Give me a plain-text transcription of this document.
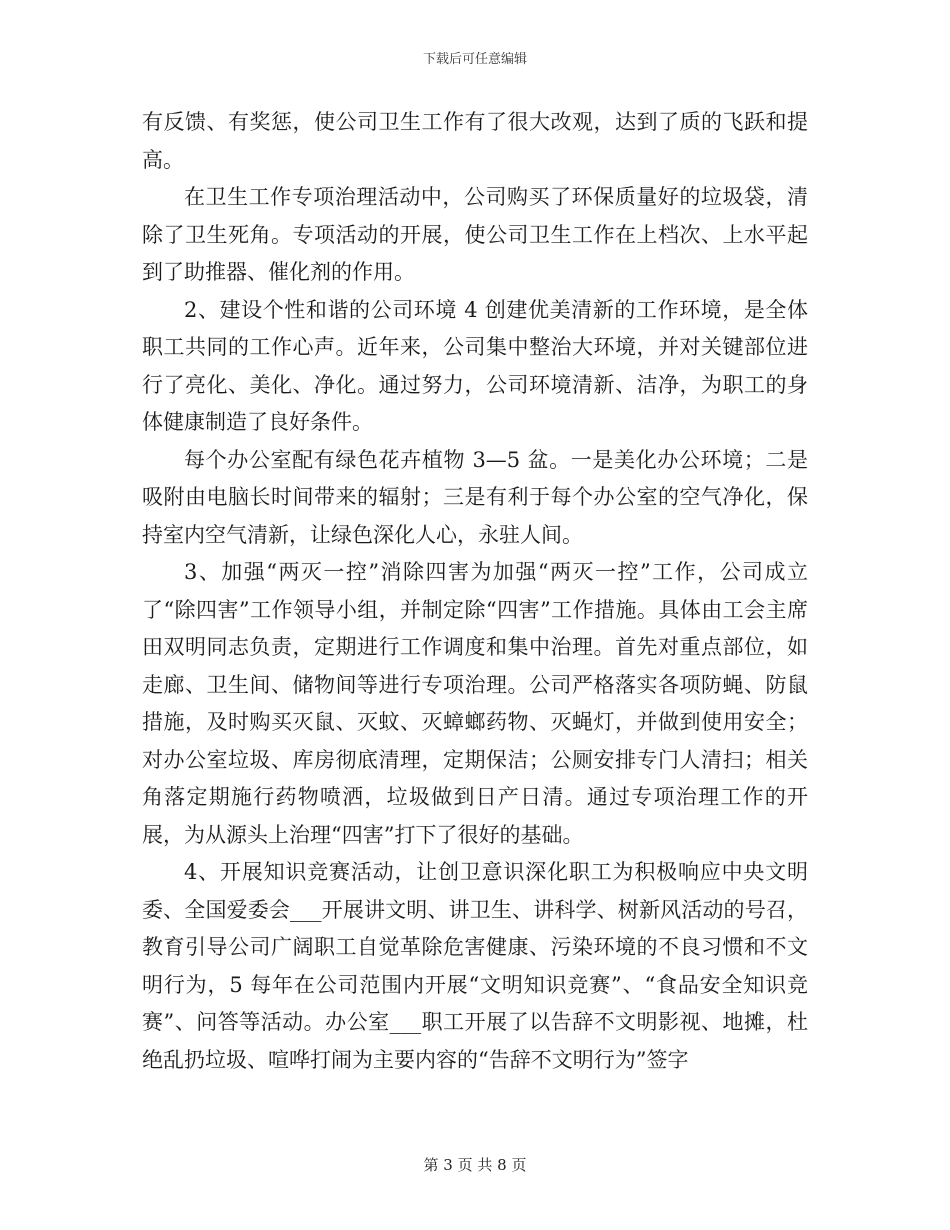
下载后可任意编辑

有反馈、有奖惩，使公司卫生工作有了很大改观，达到了质的飞跃和提高。

在卫生工作专项治理活动中，公司购买了环保质量好的垃圾袋，清除了卫生死角。专项活动的开展，使公司卫生工作在上档次、上水平起到了助推器、催化剂的作用。

2、建设个性和谐的公司环境 4 创建优美清新的工作环境，是全体职工共同的工作心声。近年来，公司集中整治大环境，并对关键部位进行了亮化、美化、净化。通过努力，公司环境清新、洁净，为职工的身体健康制造了良好条件。

每个办公室配有绿色花卉植物 3—5 盆。一是美化办公环境；二是吸附由电脑长时间带来的辐射；三是有利于每个办公室的空气净化，保持室内空气清新，让绿色深化人心，永驻人间。

3、加强“两灭一控”消除四害为加强“两灭一控”工作，公司成立了“除四害”工作领导小组，并制定除“四害”工作措施。具体由工会主席田双明同志负责，定期进行工作调度和集中治理。首先对重点部位，如走廊、卫生间、储物间等进行专项治理。公司严格落实各项防蝇、防鼠措施，及时购买灭鼠、灭蚊、灭蟑螂药物、灭蝇灯，并做到使用安全；对办公室垃圾、库房彻底清理，定期保洁；公厕安排专门人清扫；相关角落定期施行药物喷洒，垃圾做到日产日清。通过专项治理工作的开展，为从源头上治理“四害”打下了很好的基础。

4、开展知识竞赛活动，让创卫意识深化职工为积极响应中央文明委、全国爱委会___开展讲文明、讲卫生、讲科学、树新风活动的号召，教育引导公司广阔职工自觉革除危害健康、污染环境的不良习惯和不文明行为，5 每年在公司范围内开展“文明知识竞赛”、“食品安全知识竞赛”、问答等活动。办公室___职工开展了以告辞不文明影视、地摊，杜绝乱扔垃圾、喧哗打闹为主要内容的“告辞不文明行为”签字

第 3 页 共 8 页
